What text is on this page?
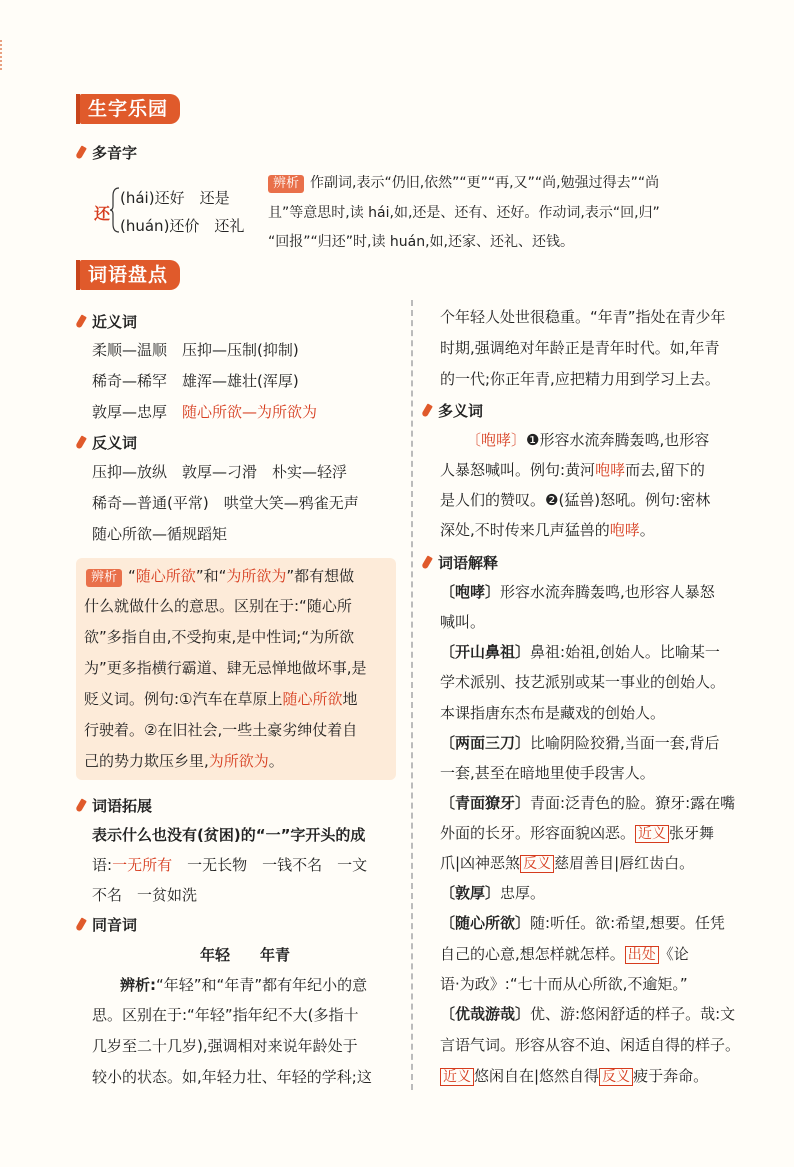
生字乐园
多音字
还
(hái)还好　还是
(huán)还价　还礼
辨析 作副词,表示“仍旧,依然”“更”“再,又”“尚,勉强过得去”“尚
且”等意思时,读 hái,如,还是、还有、还好。作动词,表示“回,归”
“回报”“归还”时,读 huán,如,还家、还礼、还钱。
词语盘点
近义词
柔顺—温顺　压抑—压制(抑制)
稀奇—稀罕　雄浑—雄壮(浑厚)
敦厚—忠厚　 随心所欲—为所欲为
反义词
压抑—放纵　敦厚—刁滑　朴实—轻浮
稀奇—普通(平常)　哄堂大笑—鸦雀无声
随心所欲—循规蹈矩
辨析 “随心所欲”和“为所欲为”都有想做
什么就做什么的意思。区别在于:“随心所
欲”多指自由,不受拘束,是中性词;“为所欲
为”更多指横行霸道、肆无忌惮地做坏事,是
贬义词。例句:①汽车在草原上随心所欲地
行驶着。②在旧社会,一些土豪劣绅仗着自
己的势力欺压乡里,为所欲为。
词语拓展
表示什么也没有(贫困)的“一”字开头的成
语:一无所有　一无长物　一钱不名　一文
不名　一贫如洗
同音词
年轻　　年青
辨析:“年轻”和“年青”都有年纪小的意
思。区别在于:“年轻”指年纪不大(多指十
几岁至二十几岁),强调相对来说年龄处于
较小的状态。如,年轻力壮、年轻的学科;这
个年轻人处世很稳重。“年青”指处在青少年
时期,强调绝对年龄正是青年时代。如,年青
的一代;你正年青,应把精力用到学习上去。
多义词
〔咆哮〕❶形容水流奔腾轰鸣,也形容
人暴怒喊叫。例句:黄河咆哮而去,留下的
是人们的赞叹。❷(猛兽)怒吼。例句:密林
深处,不时传来几声猛兽的咆哮。
词语解释
〔咆哮〕形容水流奔腾轰鸣,也形容人暴怒
喊叫。
〔开山鼻祖〕鼻祖:始祖,创始人。比喻某一
学术派别、技艺派别或某一事业的创始人。
本课指唐东杰布是藏戏的创始人。
〔两面三刀〕比喻阴险狡猾,当面一套,背后
一套,甚至在暗地里使手段害人。
〔青面獠牙〕青面:泛青色的脸。獠牙:露在嘴
外面的长牙。形容面貌凶恶。 近义 张牙舞
爪|凶神恶煞 反义 慈眉善目|唇红齿白。
〔敦厚〕忠厚。
〔随心所欲〕随:听任。欲:希望,想要。任凭
自己的心意,想怎样就怎样。 出处 《论
语·为政》:“七十而从心所欲,不逾矩。”
〔优哉游哉〕优、游:悠闲舒适的样子。哉:文
言语气词。形容从容不迫、闲适自得的样子。
近义 悠闲自在|悠然自得 反义 疲于奔命。
